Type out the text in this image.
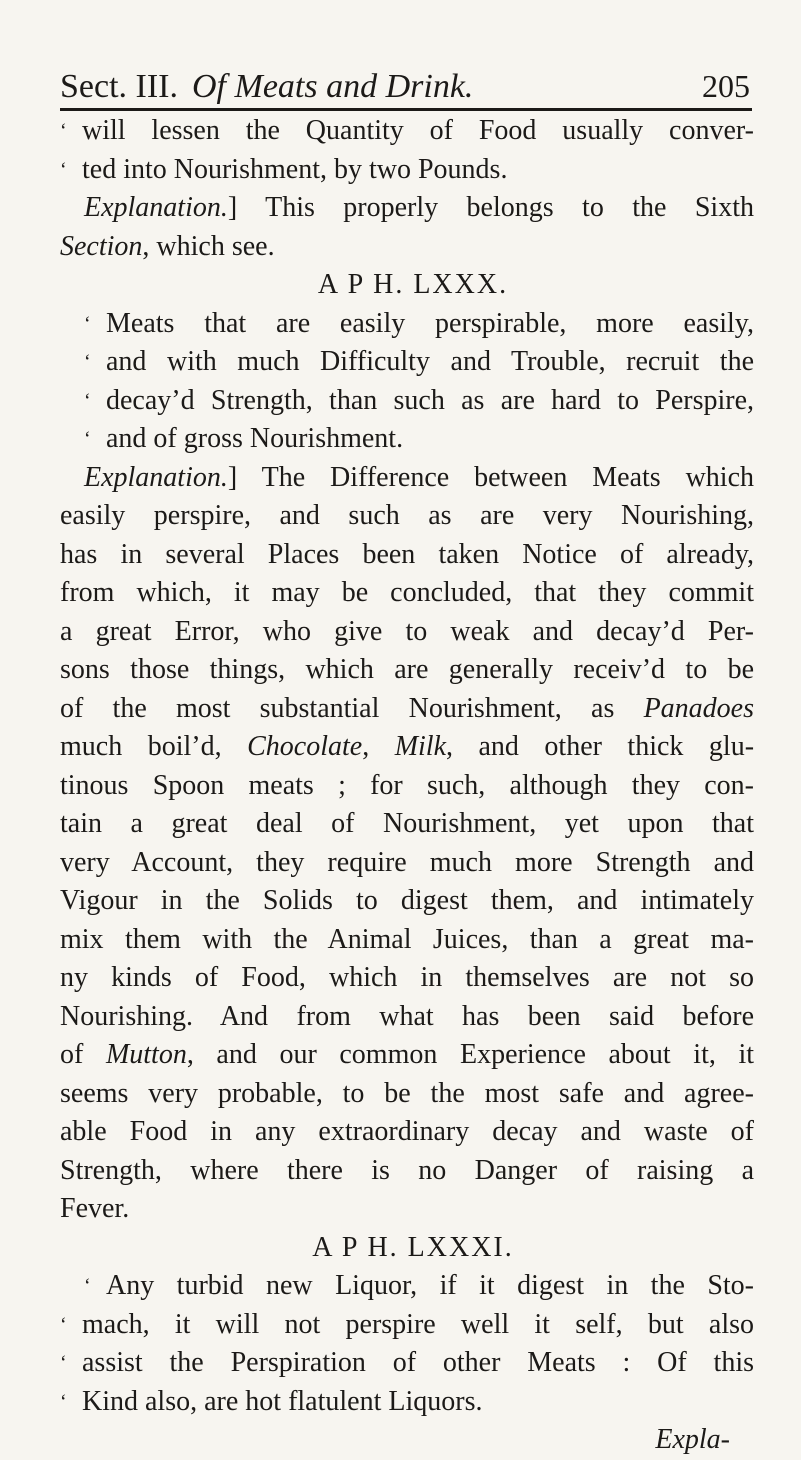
Sect. III. Of Meats and Drink.	205
‘ will lessen the Quantity of Food usually conver-
‘ ted into Nourishment, by two Pounds.
Explanation.] This properly belongs to the Sixth
Section, which see.
A P H. LXXX.
‘ Meats that are easily perspirable, more easily,
‘ and with much Difficulty and Trouble, recruit the
‘ decay’d Strength, than such as are hard to Perspire,
‘ and of gross Nourishment.
Explanation.] The Difference between Meats which
easily perspire, and such as are very Nourishing,
has in several Places been taken Notice of already,
from which, it may be concluded, that they commit
a great Error, who give to weak and decay’d Per-
sons those things, which are generally receiv’d to be
of the most substantial Nourishment, as Panadoes
much boil’d, Chocolate, Milk, and other thick glu-
tinous Spoon meats ; for such, although they con-
tain a great deal of Nourishment, yet upon that
very Account, they require much more Strength and
Vigour in the Solids to digest them, and intimately
mix them with the Animal Juices, than a great ma-
ny kinds of Food, which in themselves are not so
Nourishing. And from what has been said before
of Mutton, and our common Experience about it, it
seems very probable, to be the most safe and agree-
able Food in any extraordinary decay and waste of
Strength, where there is no Danger of raising a
Fever.
A P H. LXXXI.
‘ Any turbid new Liquor, if it digest in the Sto-
‘ mach, it will not perspire well it self, but also
‘ assist the Perspiration of other Meats : Of this
‘ Kind also, are hot flatulent Liquors.
Expla-
